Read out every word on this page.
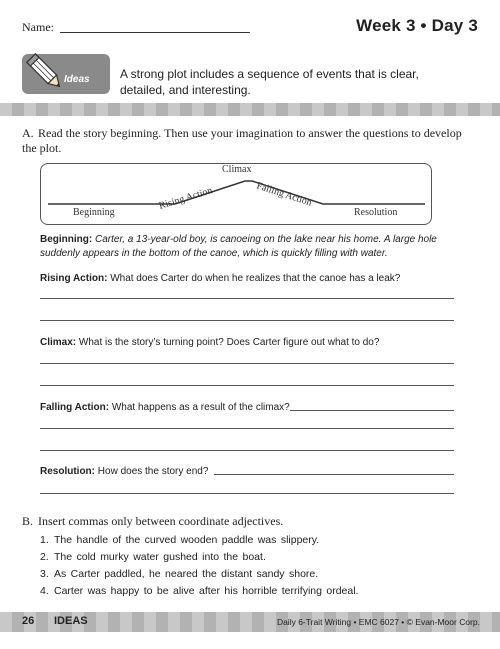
Name:	Week 3 • Day 3
Ideas	A strong plot includes a sequence of events that is clear, detailed, and interesting.
A. Read the story beginning. Then use your imagination to answer the questions to develop the plot.
Beginning
Rising Action
Climax
Falling Action
Resolution
Beginning: Carter, a 13-year-old boy, is canoeing on the lake near his home. A large hole suddenly appears in the bottom of the canoe, which is quickly filling with water.
Rising Action: What does Carter do when he realizes that the canoe has a leak?
Climax: What is the story’s turning point? Does Carter figure out what to do?
Falling Action: What happens as a result of the climax?
Resolution: How does the story end?
B. Insert commas only between coordinate adjectives.
1. The handle of the curved wooden paddle was slippery.
2. The cold murky water gushed into the boat.
3. As Carter paddled, he neared the distant sandy shore.
4. Carter was happy to be alive after his horrible terrifying ordeal.
26 IDEAS	Daily 6-Trait Writing • EMC 6027 • © Evan-Moor Corp.
